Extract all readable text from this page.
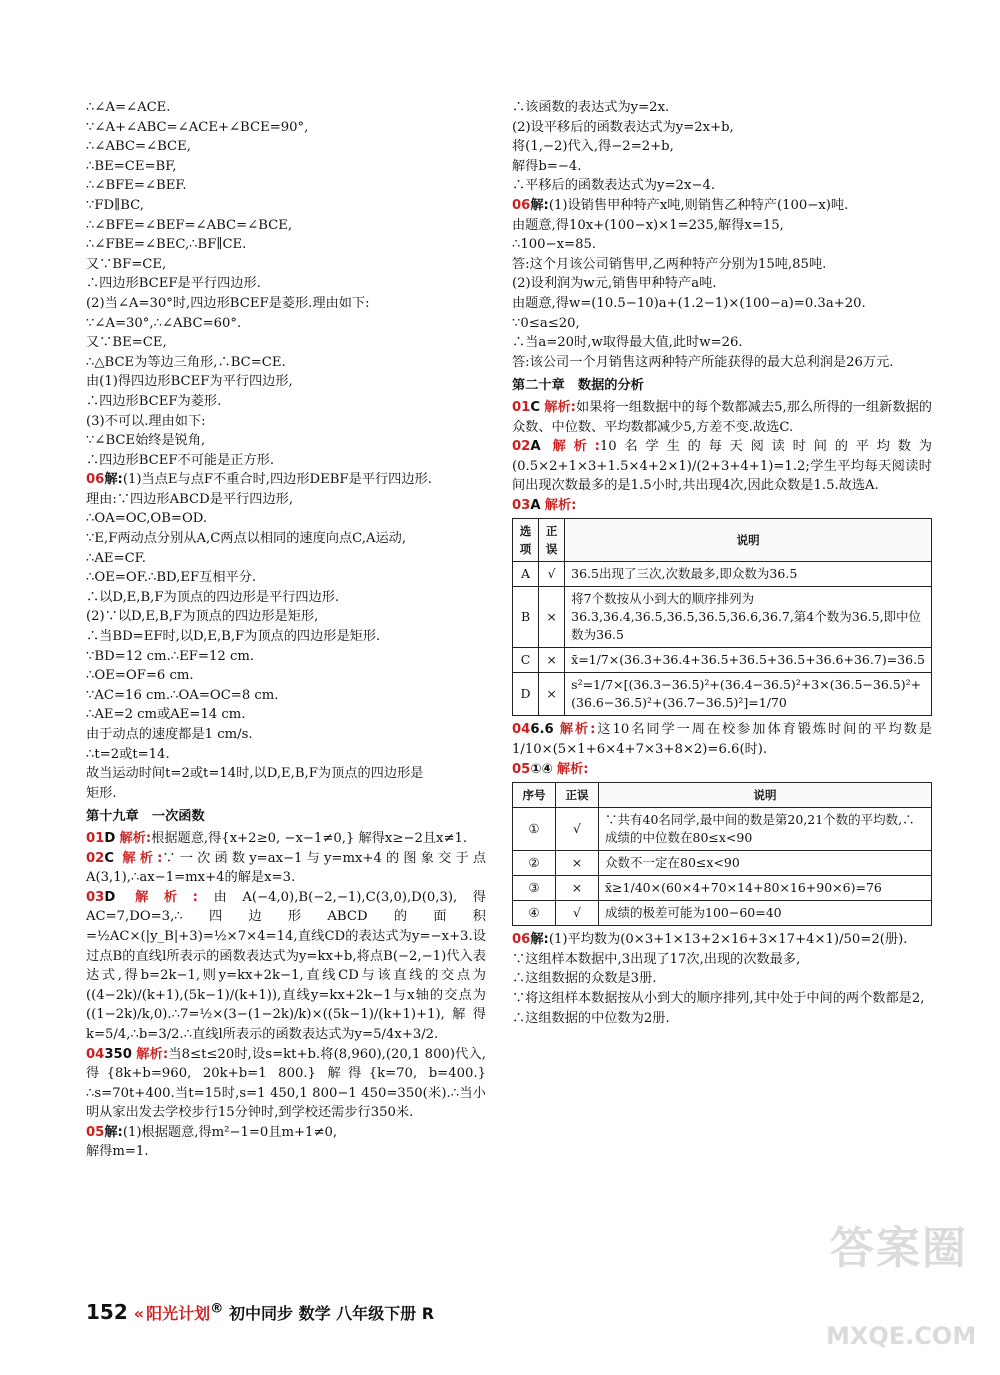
∴∠A=∠ACE.
∵∠A+∠ABC=∠ACE+∠BCE=90°,
∴∠ABC=∠BCE,
∴BE=CE=BF,
∴∠BFE=∠BEF.
∵FD∥BC,
∴∠BFE=∠BEF=∠ABC=∠BCE,
∴∠FBE=∠BEC,∴BF∥CE.
又∵BF=CE,
∴四边形BCEF是平行四边形.
(2)当∠A=30°时,四边形BCEF是菱形.理由如下:
∵∠A=30°,∴∠ABC=60°.
又∵BE=CE,
∴△BCE为等边三角形,∴BC=CE.
由(1)得四边形BCEF为平行四边形,
∴四边形BCEF为菱形.
(3)不可以.理由如下:
∵∠BCE始终是锐角,
∴四边形BCEF不可能是正方形.
06解:(1)当点E与点F不重合时,四边形DEBF是平行四边形.
理由:∵四边形ABCD是平行四边形,
∴OA=OC,OB=OD.
∵E,F两动点分别从A,C两点以相同的速度向点C,A运动,
∴AE=CF.
∴OE=OF.∴BD,EF互相平分.
∴以D,E,B,F为顶点的四边形是平行四边形.
(2)∵以D,E,B,F为顶点的四边形是矩形,
∴当BD=EF时,以D,E,B,F为顶点的四边形是矩形.
∵BD=12 cm.∴EF=12 cm.
∴OE=OF=6 cm.
∵AC=16 cm.∴OA=OC=8 cm.
∴AE=2 cm或AE=14 cm.
由于动点的速度都是1 cm/s.
∴t=2或t=14.
故当运动时间t=2或t=14时,以D,E,B,F为顶点的四边形是
矩形.
第十九章　一次函数
01D 解析:根据题意,得{x+2≥0, −x−1≠0,} 解得x≥−2且x≠1.
02C 解析:∵一次函数y=ax−1与y=mx+4的图象交于点A(3,1),∴ax−1=mx+4的解是x=3.
03D 解析:由A(−4,0),B(−2,−1),C(3,0),D(0,3),得AC=7,DO=3,∴四边形ABCD的面积=½AC×(|y_B|+3)=½×7×4=14,直线CD的表达式为y=−x+3.设过点B的直线l所表示的函数表达式为y=kx+b,将点B(−2,−1)代入表达式,得b=2k−1,则y=kx+2k−1,直线CD与该直线的交点为((4−2k)/(k+1),(5k−1)/(k+1)),直线y=kx+2k−1与x轴的交点为((1−2k)/k,0).∴7=½×(3−(1−2k)/k)×((5k−1)/(k+1)+1),解得k=5/4,∴b=3/2.∴直线l所表示的函数表达式为y=5/4x+3/2.
04350 解析:当8≤t≤20时,设s=kt+b.将(8,960),(20,1 800)代入,得{8k+b=960, 20k+b=1 800.} 解得{k=70, b=400.} ∴s=70t+400.当t=15时,s=1 450,1 800−1 450=350(米).∴当小明从家出发去学校步行15分钟时,到学校还需步行350米.
05解:(1)根据题意,得m²−1=0且m+1≠0,
解得m=1.
∴该函数的表达式为y=2x.
(2)设平移后的函数表达式为y=2x+b,
将(1,−2)代入,得−2=2+b,
解得b=−4.
∴平移后的函数表达式为y=2x−4.
06解:(1)设销售甲种特产x吨,则销售乙种特产(100−x)吨.
由题意,得10x+(100−x)×1=235,解得x=15,
∴100−x=85.
答:这个月该公司销售甲,乙两种特产分别为15吨,85吨.
(2)设利润为w元,销售甲种特产a吨.
由题意,得w=(10.5−10)a+(1.2−1)×(100−a)=0.3a+20.
∵0≤a≤20,
∴当a=20时,w取得最大值,此时w=26.
答:该公司一个月销售这两种特产所能获得的最大总利润是26万元.
第二十章　数据的分析
01C 解析:如果将一组数据中的每个数都减去5,那么所得的一组新数据的众数、中位数、平均数都减少5,方差不变.故选C.
02A 解析:10名学生的每天阅读时间的平均数为(0.5×2+1×3+1.5×4+2×1)/(2+3+4+1)=1.2;学生平均每天阅读时间出现次数最多的是1.5小时,共出现4次,因此众数是1.5.故选A.
03A 解析:
选项	正误	说明
A	√	36.5出现了三次,次数最多,即众数为36.5
B	×	将7个数按从小到大的顺序排列为36.3,36.4,36.5,36.5,36.5,36.6,36.7,第4个数为36.5,即中位数为36.5
C	×	x̄=1/7×(36.3+36.4+36.5+36.5+36.5+36.6+36.7)=36.5
D	×	s²=1/7×[(36.3−36.5)²+(36.4−36.5)²+3×(36.5−36.5)²+(36.6−36.5)²+(36.7−36.5)²]=1/70
046.6 解析:这10名同学一周在校参加体育锻炼时间的平均数是1/10×(5×1+6×4+7×3+8×2)=6.6(时).
05①④ 解析:
序号	正误	说明
①	√	∵共有40名同学,最中间的数是第20,21个数的平均数,∴成绩的中位数在80≤x<90
②	×	众数不一定在80≤x<90
③	×	x̄≥1/40×(60×4+70×14+80×16+90×6)=76
④	√	成绩的极差可能为100−60=40
06解:(1)平均数为(0×3+1×13+2×16+3×17+4×1)/50=2(册).
∵这组样本数据中,3出现了17次,出现的次数最多,
∴这组数据的众数是3册.
∵将这组样本数据按从小到大的顺序排列,其中处于中间的两个数都是2,
∴这组数据的中位数为2册.
152 « 阳光计划® 初中同步 数学 八年级下册 R
答案圈
MXQE.COM
